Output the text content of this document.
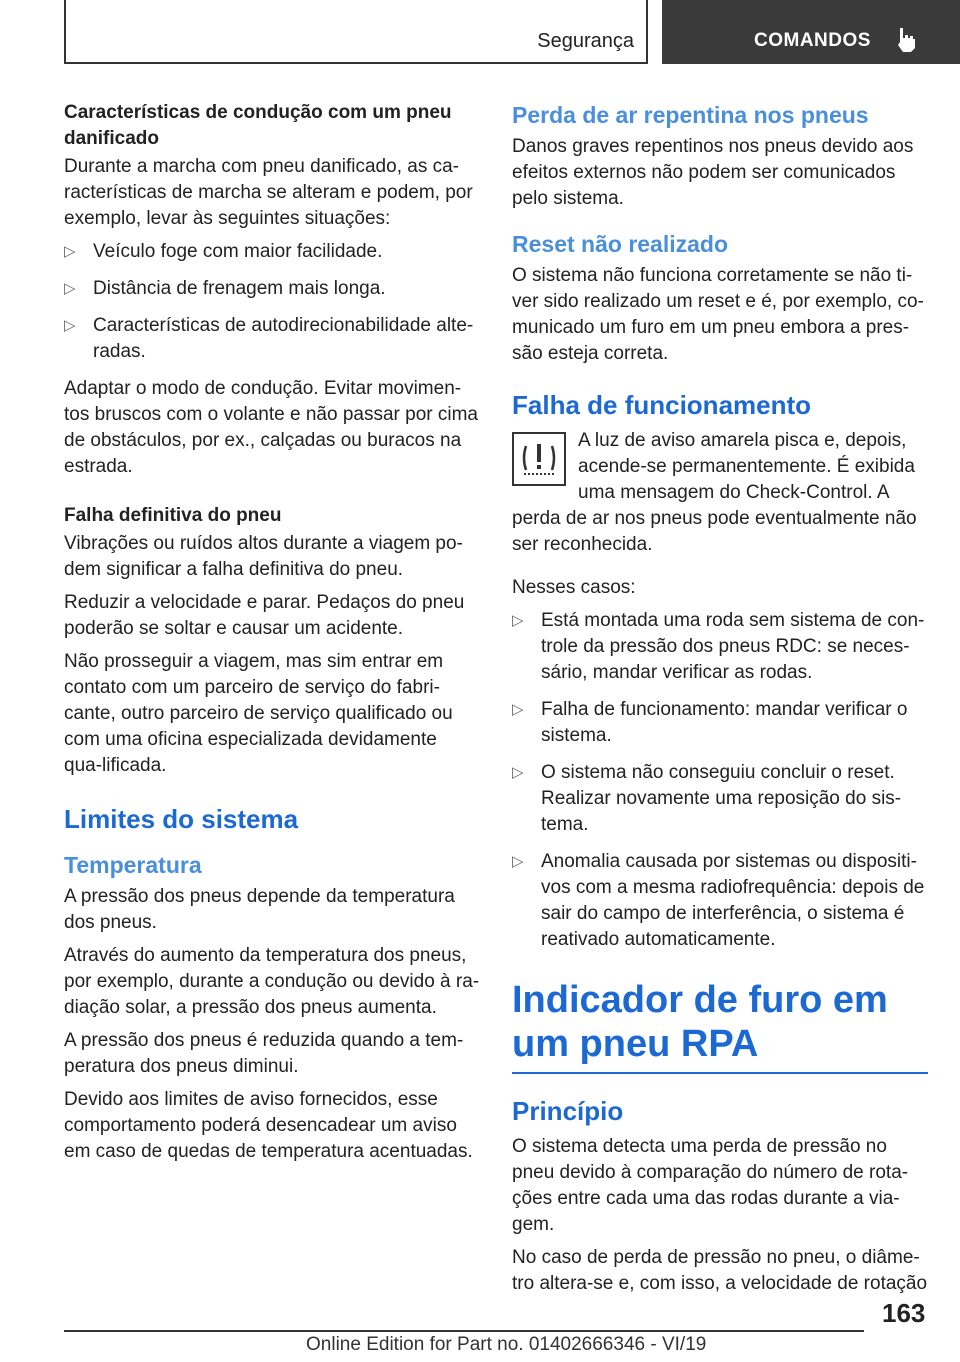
Segurança	COMANDOS
Características de condução com um pneu danificado

Durante a marcha com pneu danificado, as ca-racterísticas de marcha se alteram e podem, por exemplo, levar às seguintes situações:

▷ Veículo foge com maior facilidade.
▷ Distância de frenagem mais longa.
▷ Características de autodirecionabilidade alte-radas.

Adaptar o modo de condução. Evitar movimen-tos bruscos com o volante e não passar por cima de obstáculos, por ex., calçadas ou buracos na estrada.

Falha definitiva do pneu

Vibrações ou ruídos altos durante a viagem po-dem significar a falha definitiva do pneu.

Reduzir a velocidade e parar. Pedaços do pneu poderão se soltar e causar um acidente.

Não prosseguir a viagem, mas sim entrar em contato com um parceiro de serviço do fabri-cante, outro parceiro de serviço qualificado ou com uma oficina especializada devidamente qua-lificada.

Limites do sistema
Temperatura

A pressão dos pneus depende da temperatura dos pneus.

Através do aumento da temperatura dos pneus, por exemplo, durante a condução ou devido à ra-diação solar, a pressão dos pneus aumenta.

A pressão dos pneus é reduzida quando a tem-peratura dos pneus diminui.

Devido aos limites de aviso fornecidos, esse comportamento poderá desencadear um aviso em caso de quedas de temperatura acentuadas.

Perda de ar repentina nos pneus

Danos graves repentinos nos pneus devido aos efeitos externos não podem ser comunicados pelo sistema.

Reset não realizado

O sistema não funciona corretamente se não ti-ver sido realizado um reset e é, por exemplo, co-municado um furo em um pneu embora a pres-são esteja correta.

Falha de funcionamento

A luz de aviso amarela pisca e, depois, acende-se permanentemente. É exibida uma mensagem do Check-Control. A perda de ar nos pneus pode eventualmente não ser reconhecida.

Nesses casos:

▷ Está montada uma roda sem sistema de con-trole da pressão dos pneus RDC: se neces-sário, mandar verificar as rodas.
▷ Falha de funcionamento: mandar verificar o sistema.
▷ O sistema não conseguiu concluir o reset. Realizar novamente uma reposição do sis-tema.
▷ Anomalia causada por sistemas ou dispositi-vos com a mesma radiofrequência: depois de sair do campo de interferência, o sistema é reativado automaticamente.
Indicador de furo em um pneu RPA
Princípio

O sistema detecta uma perda de pressão no pneu devido à comparação do número de rota-ções entre cada uma das rodas durante a via-gem.

No caso de perda de pressão no pneu, o diâme-tro altera-se e, com isso, a velocidade de rotação

163
Online Edition for Part no. 01402666346 - VI/19
